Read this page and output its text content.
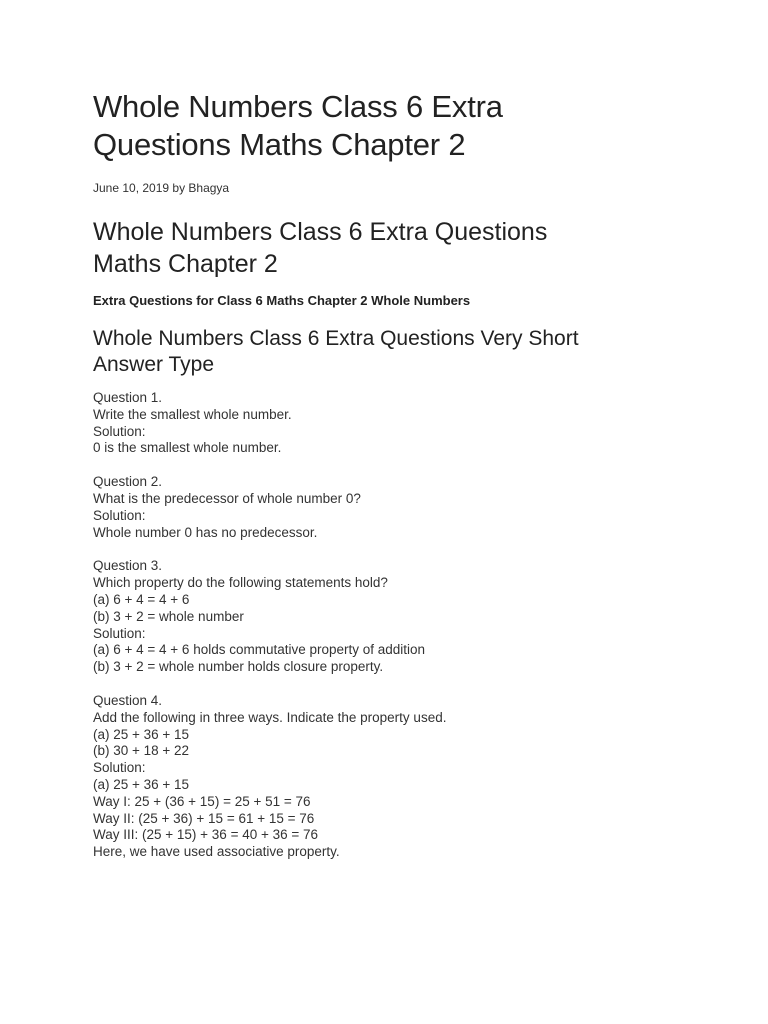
Whole Numbers Class 6 Extra
Questions Maths Chapter 2
June 10, 2019 by Bhagya
Whole Numbers Class 6 Extra Questions
Maths Chapter 2
Extra Questions for Class 6 Maths Chapter 2 Whole Numbers
Whole Numbers Class 6 Extra Questions Very Short
Answer Type
Question 1.
Write the smallest whole number.
Solution:
0 is the smallest whole number.
Question 2.
What is the predecessor of whole number 0?
Solution:
Whole number 0 has no predecessor.
Question 3.
Which property do the following statements hold?
(a) 6 + 4 = 4 + 6
(b) 3 + 2 = whole number
Solution:
(a) 6 + 4 = 4 + 6 holds commutative property of addition
(b) 3 + 2 = whole number holds closure property.
Question 4.
Add the following in three ways. Indicate the property used.
(a) 25 + 36 + 15
(b) 30 + 18 + 22
Solution:
(a) 25 + 36 + 15
Way I: 25 + (36 + 15) = 25 + 51 = 76
Way II: (25 + 36) + 15 = 61 + 15 = 76
Way III: (25 + 15) + 36 = 40 + 36 = 76
Here, we have used associative property.
